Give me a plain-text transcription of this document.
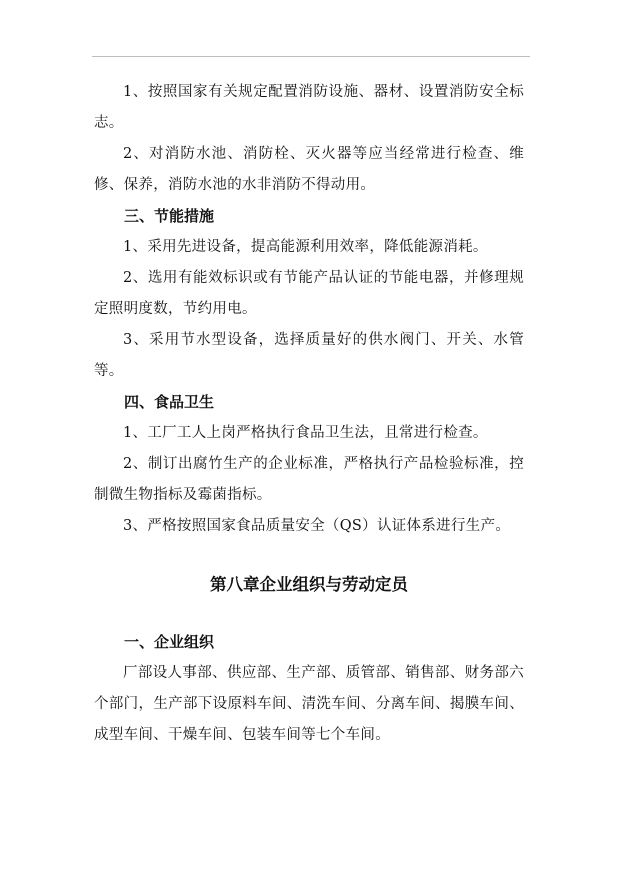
1、按照国家有关规定配置消防设施、器材、设置消防安全标志。

2、对消防水池、消防栓、灭火器等应当经常进行检查、维修、保养，消防水池的水非消防不得动用。

三、节能措施

1、采用先进设备，提高能源利用效率，降低能源消耗。

2、选用有能效标识或有节能产品认证的节能电器，并修理规定照明度数，节约用电。

3、采用节水型设备，选择质量好的供水阀门、开关、水管等。

四、食品卫生

1、工厂工人上岗严格执行食品卫生法，且常进行检查。

2、制订出腐竹生产的企业标准，严格执行产品检验标准，控制微生物指标及霉菌指标。

3、严格按照国家食品质量安全（QS）认证体系进行生产。

第八章企业组织与劳动定员

一、企业组织

厂部设人事部、供应部、生产部、质管部、销售部、财务部六个部门，生产部下设原料车间、清洗车间、分离车间、揭膜车间、成型车间、干燥车间、包装车间等七个车间。
